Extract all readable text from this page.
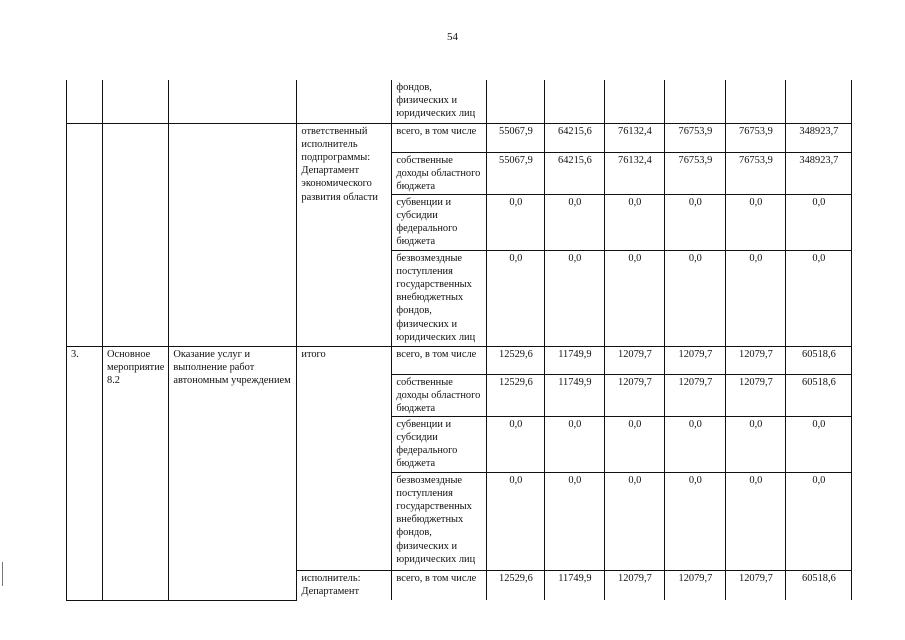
54
				фондов, физических и юридических лиц						
			ответственный исполнитель подпрограммы: Департамент экономического развития области	всего, в том числе	55067,9	64215,6	76132,4	76753,9	76753,9	348923,7
				собственные доходы областного бюджета	55067,9	64215,6	76132,4	76753,9	76753,9	348923,7
				субвенции и субсидии федерального бюджета	0,0	0,0	0,0	0,0	0,0	0,0
				безвозмездные поступления государственных внебюджетных фондов, физических и юридических лиц	0,0	0,0	0,0	0,0	0,0	0,0
3.	Основное мероприятие 8.2	Оказание услуг и выполнение работ автономным учреждением	итого	всего, в том числе	12529,6	11749,9	12079,7	12079,7	12079,7	60518,6
				собственные доходы областного бюджета	12529,6	11749,9	12079,7	12079,7	12079,7	60518,6
				субвенции и субсидии федерального бюджета	0,0	0,0	0,0	0,0	0,0	0,0
				безвозмездные поступления государственных внебюджетных фондов, физических и юридических лиц	0,0	0,0	0,0	0,0	0,0	0,0
			исполнитель: Департамент	всего, в том числе	12529,6	11749,9	12079,7	12079,7	12079,7	60518,6
